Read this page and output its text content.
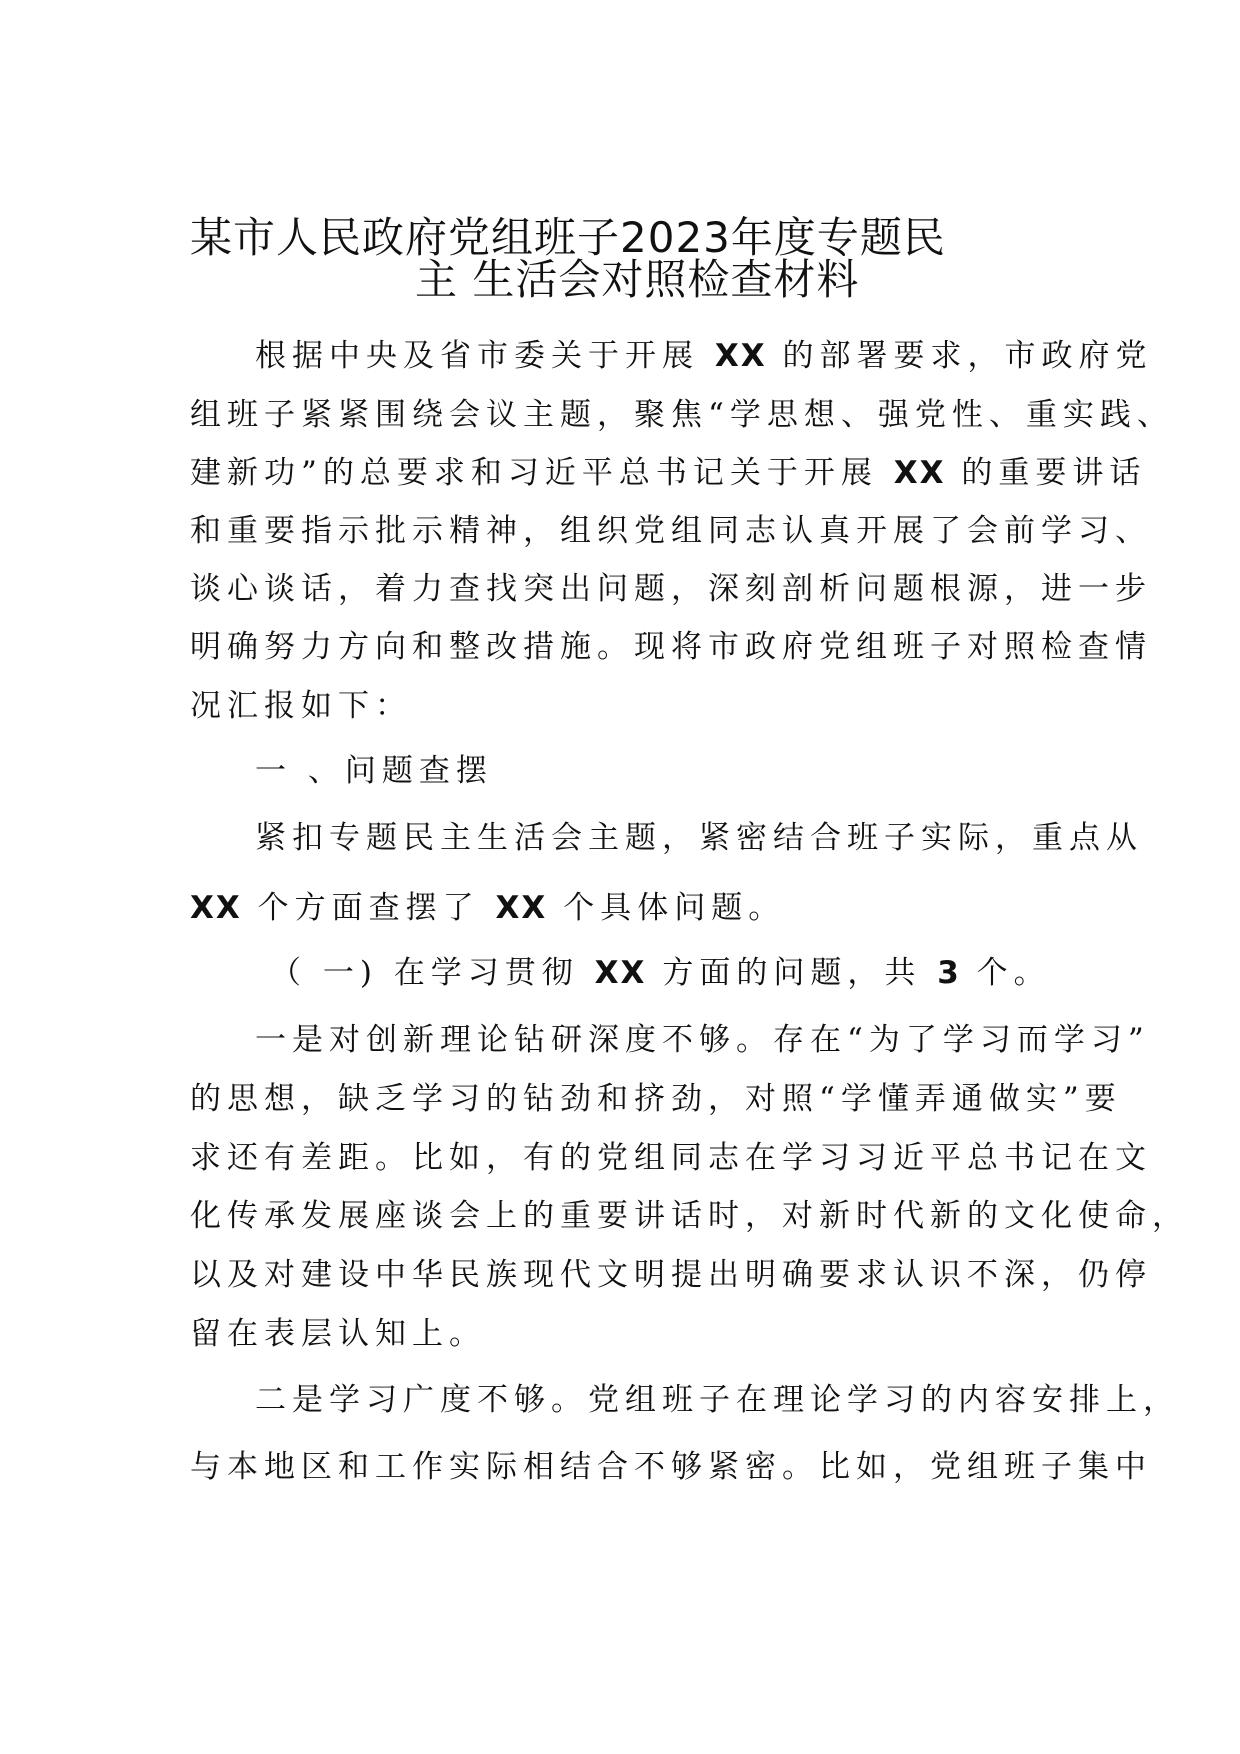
某市人民政府党组班子2023年度专题民
主 生活会对照检查材料
根据中央及省市委关于开展 XX 的部署要求，市政府党
组班子紧紧围绕会议主题，聚焦“学思想、强党性、重实践、
建新功”的总要求和习近平总书记关于开展 XX 的重要讲话
和重要指示批示精神，组织党组同志认真开展了会前学习、
谈心谈话，着力查找突出问题，深刻剖析问题根源，进一步
明确努力方向和整改措施。现将市政府党组班子对照检查情
况汇报如下：
一 、问题查摆
紧扣专题民主生活会主题，紧密结合班子实际，重点从
XX 个方面查摆了 XX 个具体问题。
（ 一) 在学习贯彻 XX 方面的问题，共 3 个。
一是对创新理论钻研深度不够。存在“为了学习而学习”
的思想，缺乏学习的钻劲和挤劲，对照“学懂弄通做实”要
求还有差距。比如，有的党组同志在学习习近平总书记在文
化传承发展座谈会上的重要讲话时，对新时代新的文化使命，
以及对建设中华民族现代文明提出明确要求认识不深，仍停
留在表层认知上。
二是学习广度不够。党组班子在理论学习的内容安排上，
与本地区和工作实际相结合不够紧密。比如，党组班子集中
